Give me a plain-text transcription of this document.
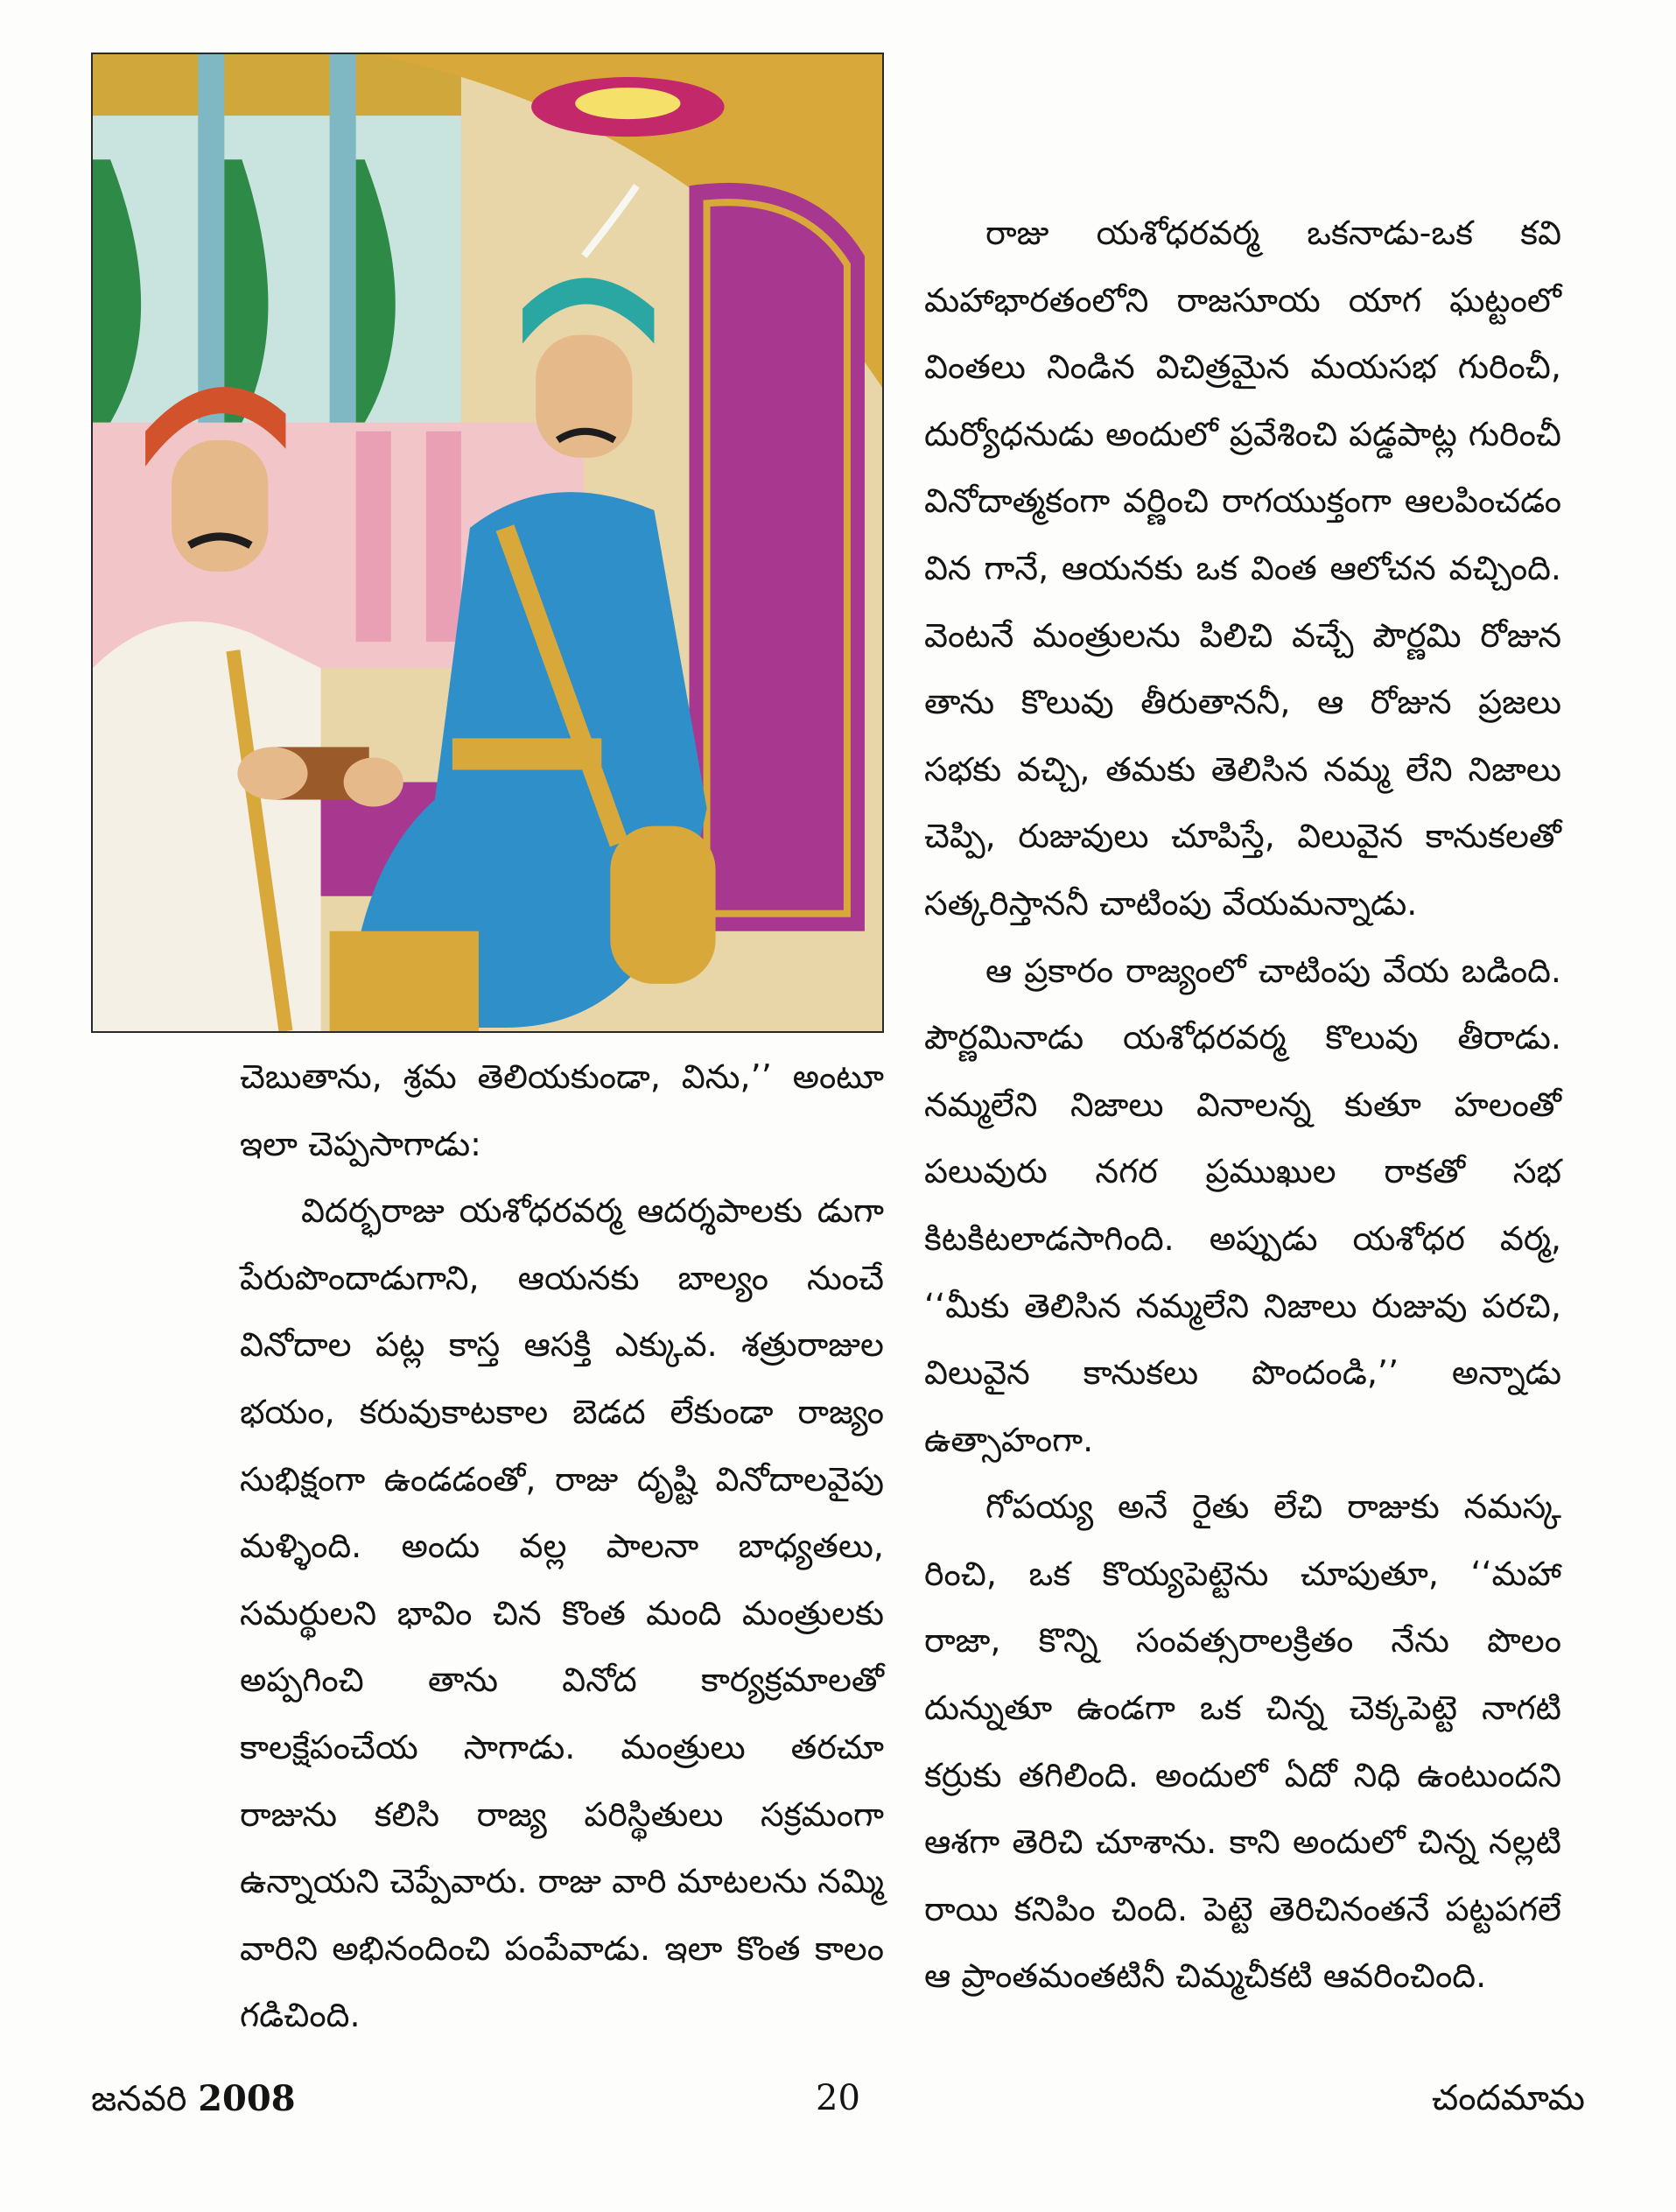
రాజు యశోధరవర్మ ఒకనాడు-ఒక కవి మహాభారతంలోని రాజసూయ యాగ ఘట్టంలో వింతలు నిండిన విచిత్రమైన మయసభ గురించీ, దుర్యోధనుడు అందులో ప్రవేశించి పడ్డపాట్ల గురించీ వినోదాత్మకంగా వర్ణించి రాగయుక్తంగా ఆలపించడం విన గానే, ఆయనకు ఒక వింత ఆలోచన వచ్చింది. వెంటనే మంత్రులను పిలిచి వచ్చే పౌర్ణమి రోజున తాను కొలువు తీరుతాననీ, ఆ రోజున ప్రజలు సభకు వచ్చి, తమకు తెలిసిన నమ్మ లేని నిజాలు చెప్పి, రుజువులు చూపిస్తే, విలువైన కానుకలతో సత్కరిస్తాననీ చాటింపు వేయమన్నాడు.

ఆ ప్రకారం రాజ్యంలో చాటింపు వేయ బడింది. పౌర్ణమినాడు యశోధరవర్మ కొలువు తీరాడు. నమ్మలేని నిజాలు వినాలన్న కుతూ హలంతో పలువురు నగర ప్రముఖుల రాకతో సభ కిటకిటలాడసాగింది. అప్పుడు యశోధర వర్మ, ‘‘మీకు తెలిసిన నమ్మలేని నిజాలు రుజువు పరచి, విలువైన కానుకలు పొందండి,’’ అన్నాడు ఉత్సాహంగా.

గోపయ్య అనే రైతు లేచి రాజుకు నమస్క రించి, ఒక కొయ్యపెట్టెను చూపుతూ, ‘‘మహా రాజా, కొన్ని సంవత్సరాలక్రితం నేను పొలం దున్నుతూ ఉండగా ఒక చిన్న చెక్కపెట్టె నాగటి కర్రుకు తగిలింది. అందులో ఏదో నిధి ఉంటుందని ఆశగా తెరిచి చూశాను. కాని అందులో చిన్న నల్లటి రాయి కనిపిం చింది. పెట్టె తెరిచినంతనే పట్టపగలే ఆ ప్రాంతమంతటినీ చిమ్మచీకటి ఆవరించింది.

చెబుతాను, శ్రమ తెలియకుండా, విను,’’ అంటూ ఇలా చెప్పసాగాడు:

విదర్భరాజు యశోధరవర్మ ఆదర్శపాలకు డుగా పేరుపొందాడుగాని, ఆయనకు బాల్యం నుంచే వినోదాల పట్ల కాస్త ఆసక్తి ఎక్కువ. శత్రురాజుల భయం, కరువుకాటకాల బెడద లేకుండా రాజ్యం సుభిక్షంగా ఉండడంతో, రాజు దృష్టి వినోదాలవైపు మళ్ళింది. అందు వల్ల పాలనా బాధ్యతలు, సమర్థులని భావిం చిన కొంత మంది మంత్రులకు అప్పగించి తాను వినోద కార్యక్రమాలతో కాలక్షేపంచేయ సాగాడు. మంత్రులు తరచూ రాజును కలిసి రాజ్య పరిస్థితులు సక్రమంగా ఉన్నాయని చెప్పేవారు. రాజు వారి మాటలను నమ్మి వారిని అభినందించి పంపేవాడు. ఇలా కొంత కాలం గడిచింది.

జనవరి 2008	20	చందమామ
